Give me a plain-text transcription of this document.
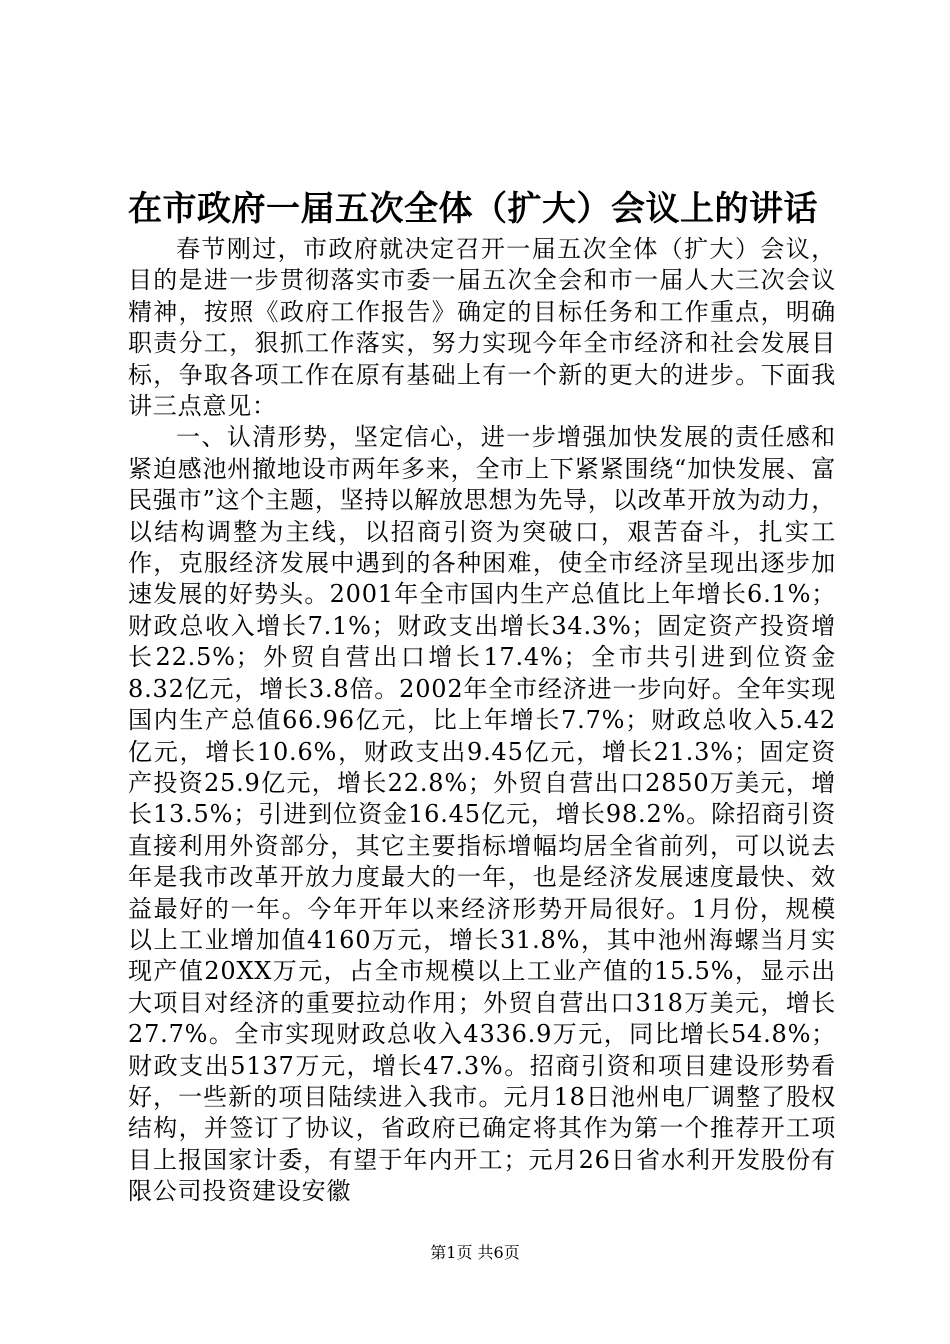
在市政府一届五次全体（扩大）会议上的讲话

春节刚过，市政府就决定召开一届五次全体（扩大）会议，目的是进一步贯彻落实市委一届五次全会和市一届人大三次会议精神，按照《政府工作报告》确定的目标任务和工作重点，明确职责分工，狠抓工作落实，努力实现今年全市经济和社会发展目标，争取各项工作在原有基础上有一个新的更大的进步。下面我讲三点意见：

一、认清形势，坚定信心，进一步增强加快发展的责任感和紧迫感池州撤地设市两年多来，全市上下紧紧围绕“加快发展、富民强市”这个主题，坚持以解放思想为先导，以改革开放为动力，以结构调整为主线，以招商引资为突破口，艰苦奋斗，扎实工作，克服经济发展中遇到的各种困难，使全市经济呈现出逐步加速发展的好势头。2001年全市国内生产总值比上年增长6.1%；财政总收入增长7.1%；财政支出增长34.3%；固定资产投资增长22.5%；外贸自营出口增长17.4%；全市共引进到位资金8.32亿元，增长3.8倍。2002年全市经济进一步向好。全年实现国内生产总值66.96亿元，比上年增长7.7%；财政总收入5.42亿元，增长10.6%，财政支出9.45亿元，增长21.3%；固定资产投资25.9亿元，增长22.8%；外贸自营出口2850万美元，增长13.5%；引进到位资金16.45亿元，增长98.2%。除招商引资直接利用外资部分，其它主要指标增幅均居全省前列，可以说去年是我市改革开放力度最大的一年，也是经济发展速度最快、效益最好的一年。今年开年以来经济形势开局很好。1月份，规模以上工业增加值4160万元，增长31.8%，其中池州海螺当月实现产值20XX万元，占全市规模以上工业产值的15.5%，显示出大项目对经济的重要拉动作用；外贸自营出口318万美元，增长27.7%。全市实现财政总收入4336.9万元，同比增长54.8%；财政支出5137万元，增长47.3%。招商引资和项目建设形势看好，一些新的项目陆续进入我市。元月18日池州电厂调整了股权结构，并签订了协议，省政府已确定将其作为第一个推荐开工项目上报国家计委，有望于年内开工；元月26日省水利开发股份有限公司投资建设安徽

第1页 共6页
